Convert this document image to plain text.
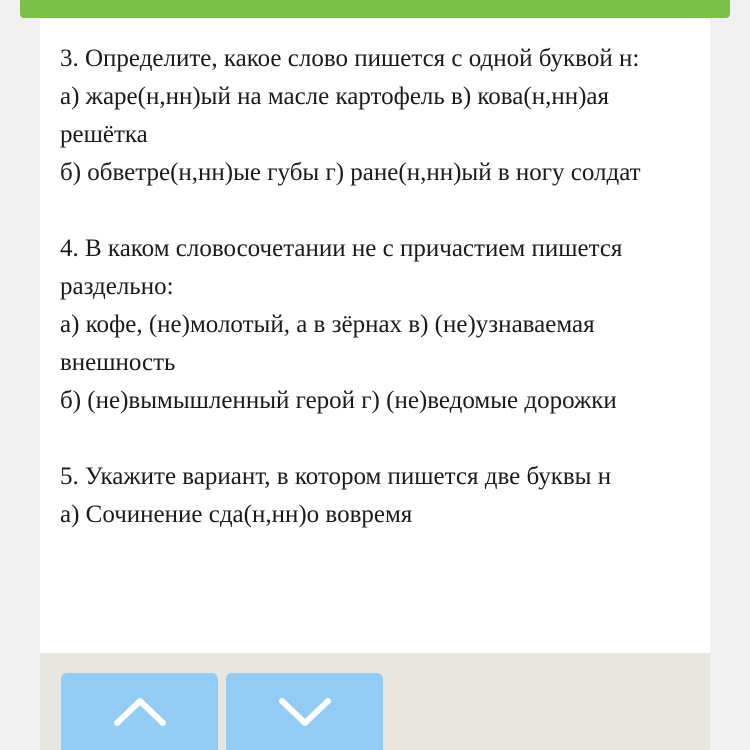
3. Определите, какое слово пишется с одной буквой н:

а) жаре(н,нн)ый на масле картофель в) кова(н,нн)ая решётка

б) обветре(н,нн)ые губы г) ране(н,нн)ый в ногу солдат

4. В каком словосочетании не с причастием пишется раздельно:

а) кофе, (не)молотый, а в зёрнах в) (не)узнаваемая внешность

б) (не)вымышленный герой г) (не)ведомые дорожки

5. Укажите вариант, в котором пишется две буквы н

а) Сочинение сда(н,нн)о вовремя
